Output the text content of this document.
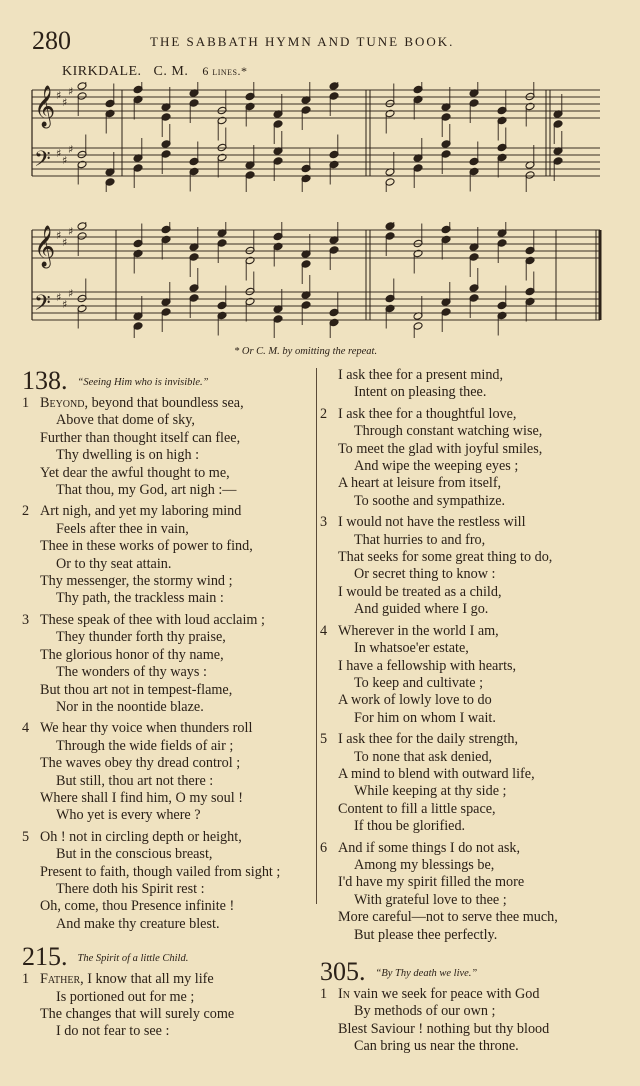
280	THE SABBATH HYMN AND TUNE BOOK.
KIRKDALE. C. M. 6 lines.*
𝄞 ♯
♯
♯
𝄢 ♯
♯
♯
𝄞 ♯
♯
♯
𝄢 ♯
♯
♯
* Or C. M. by omitting the repeat.
138. $^{“Seeing Him who is invisible.”}$
1 Beyond, beyond that boundless sea,
Above that dome of sky,
Further than thought itself can flee,
Thy dwelling is on high :
Yet dear the awful thought to me,
That thou, my God, art nigh :—
2 Art nigh, and yet my laboring mind
Feels after thee in vain,
Thee in these works of power to find,
Or to thy seat attain.
Thy messenger, the stormy wind ;
Thy path, the trackless main :
3 These speak of thee with loud acclaim ;
They thunder forth thy praise,
The glorious honor of thy name,
The wonders of thy ways :
But thou art not in tempest-flame,
Nor in the noontide blaze.
4 We hear thy voice when thunders roll
Through the wide fields of air ;
The waves obey thy dread control ;
But still, thou art not there :
Where shall I find him, O my soul !
Who yet is every where ?
5 Oh ! not in circling depth or height,
But in the conscious breast,
Present to faith, though vailed from sight ;
There doth his Spirit rest :
Oh, come, thou Presence infinite !
And make thy creature blest.
215. $^{The Spirit of a little Child.}$
1 Father, I know that all my life
Is portioned out for me ;
The changes that will surely come
I do not fear to see :
I ask thee for a present mind,
Intent on pleasing thee.
2 I ask thee for a thoughtful love,
Through constant watching wise,
To meet the glad with joyful smiles,
And wipe the weeping eyes ;
A heart at leisure from itself,
To soothe and sympathize.
3 I would not have the restless will
That hurries to and fro,
That seeks for some great thing to do,
Or secret thing to know :
I would be treated as a child,
And guided where I go.
4 Wherever in the world I am,
In whatsoe'er estate,
I have a fellowship with hearts,
To keep and cultivate ;
A work of lowly love to do
For him on whom I wait.
5 I ask thee for the daily strength,
To none that ask denied,
A mind to blend with outward life,
While keeping at thy side ;
Content to fill a little space,
If thou be glorified.
6 And if some things I do not ask,
Among my blessings be,
I'd have my spirit filled the more
With grateful love to thee ;
More careful—not to serve thee much,
But please thee perfectly.
305. $^{“By Thy death we live.”}$
1 In vain we seek for peace with God
By methods of our own ;
Blest Saviour ! nothing but thy blood
Can bring us near the throne.
